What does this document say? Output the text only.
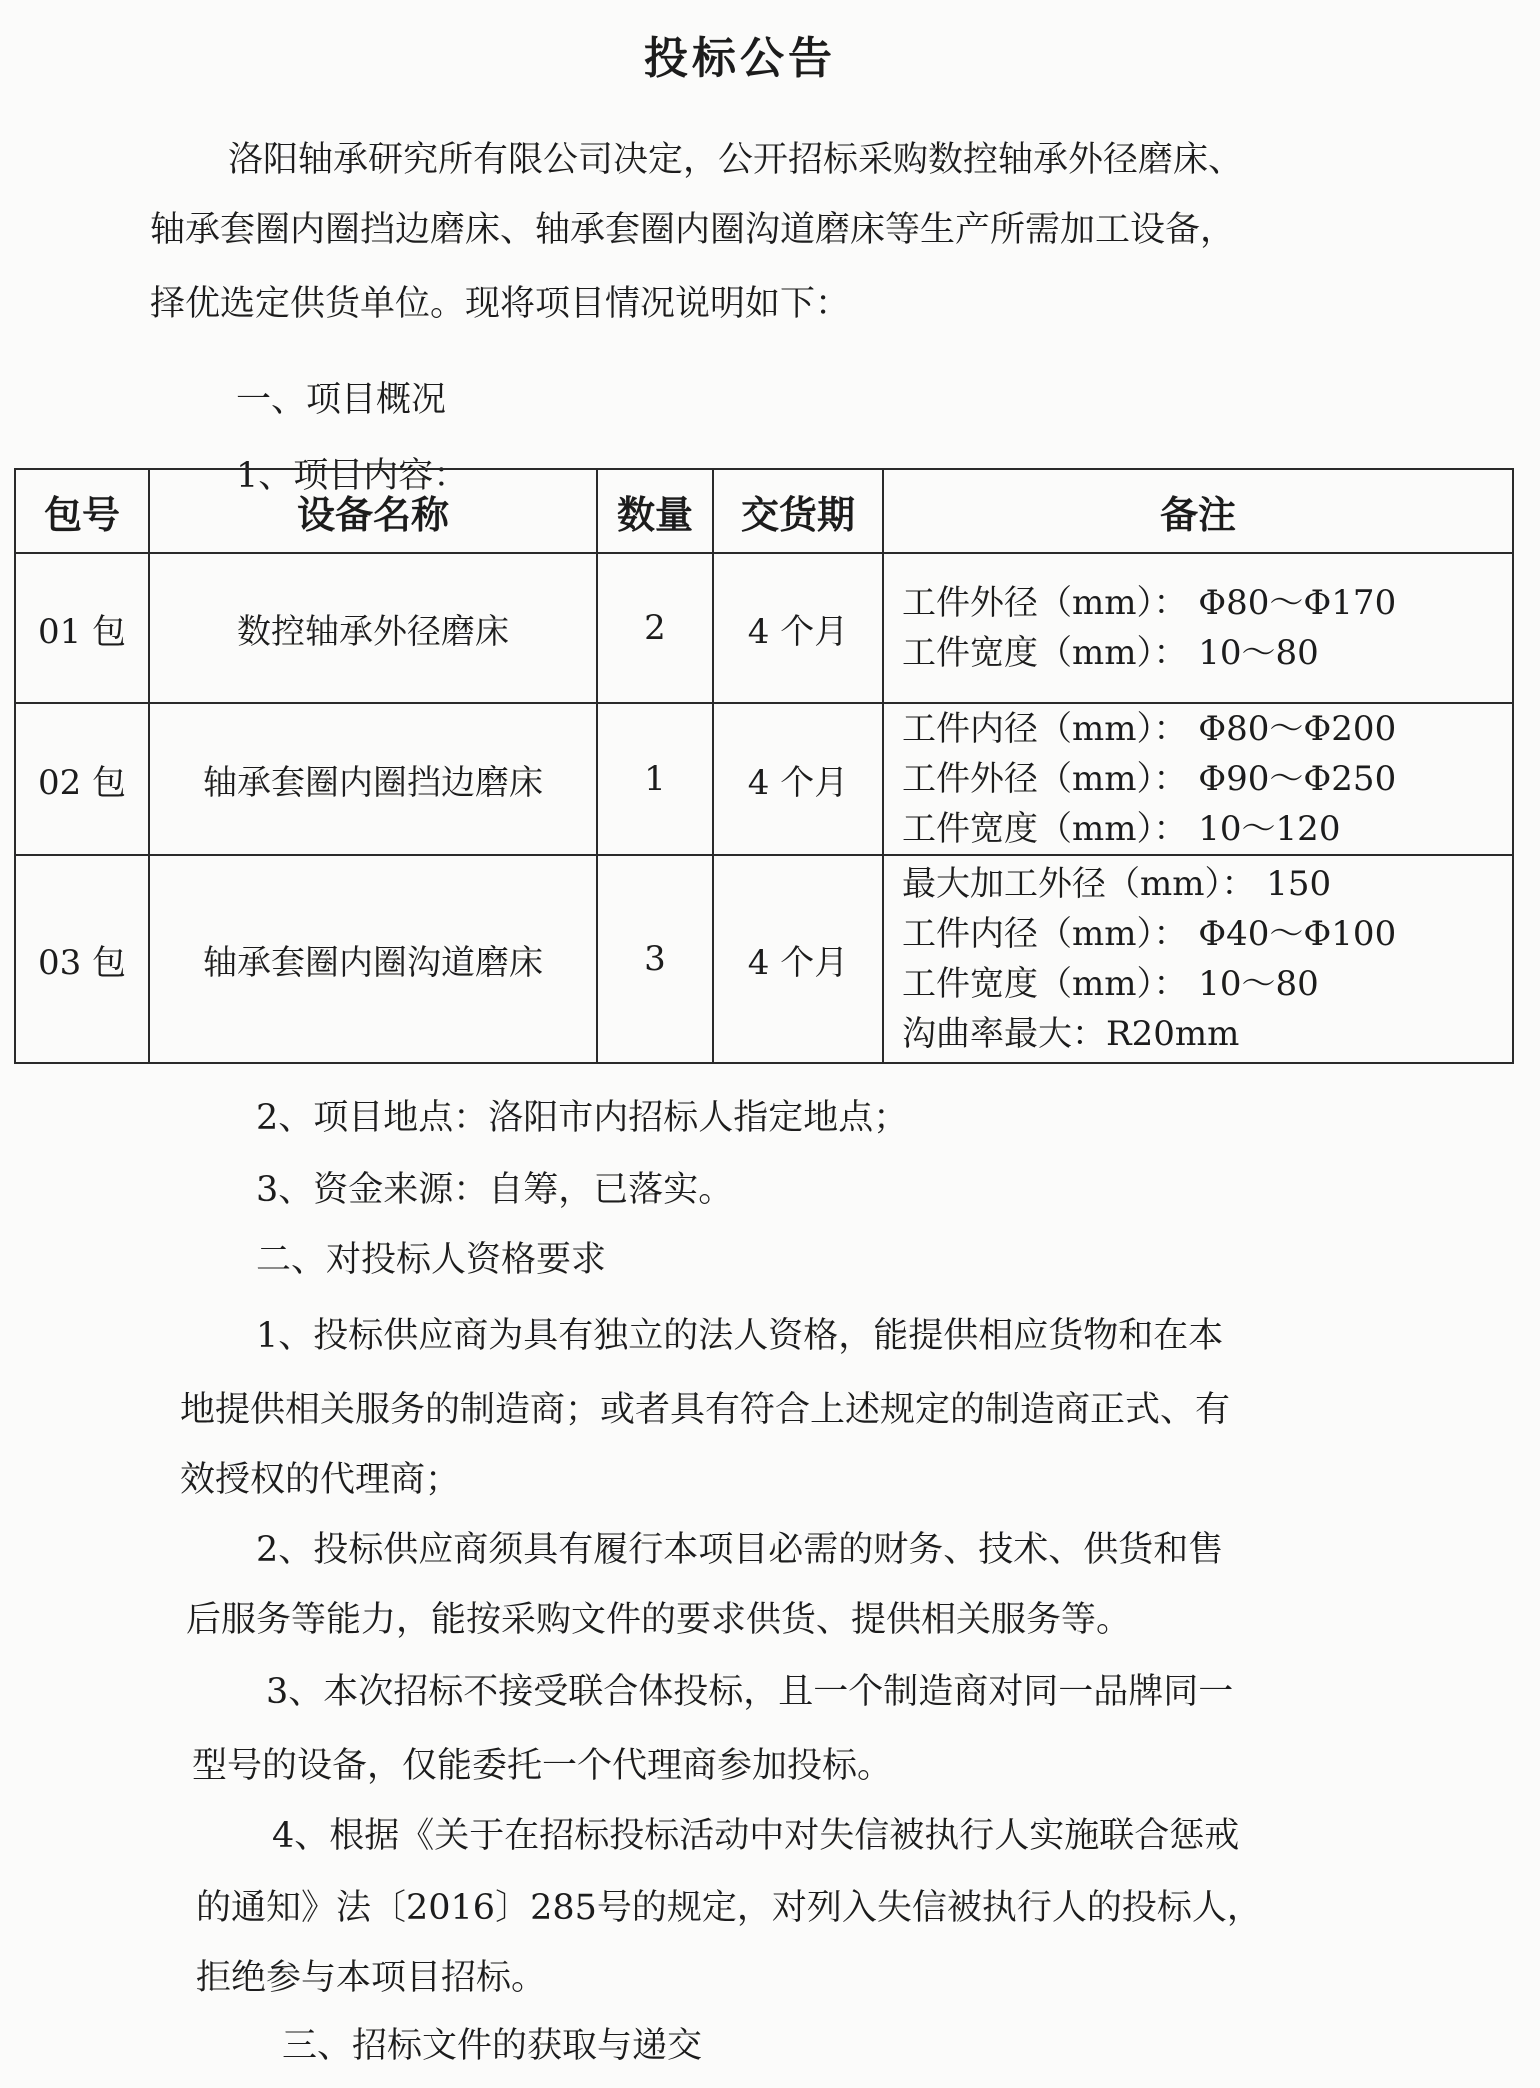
投标公告
洛阳轴承研究所有限公司决定，公开招标采购数控轴承外径磨床、
轴承套圈内圈挡边磨床、轴承套圈内圈沟道磨床等生产所需加工设备，
择优选定供货单位。现将项目情况说明如下：
一、项目概况
1、项目内容：
包号	设备名称	数量	交货期	备注
01 包	数控轴承外径磨床	2	4 个月	工件外径（mm）： Φ80～Φ170
工件宽度（mm）： 10～80

02 包	轴承套圈内圈挡边磨床	1	4 个月	工件内径（mm）： Φ80～Φ200
工件外径（mm）： Φ90～Φ250
工件宽度（mm）： 10～120

03 包	轴承套圈内圈沟道磨床	3	4 个月	最大加工外径（mm）： 150
工件内径（mm）： Φ40～Φ100
工件宽度（mm）： 10～80
沟曲率最大：R20mm
2、项目地点：洛阳市内招标人指定地点；
3、资金来源：自筹，已落实。
二、对投标人资格要求
1、投标供应商为具有独立的法人资格，能提供相应货物和在本
地提供相关服务的制造商；或者具有符合上述规定的制造商正式、有
效授权的代理商；
2、投标供应商须具有履行本项目必需的财务、技术、供货和售
后服务等能力，能按采购文件的要求供货、提供相关服务等。
3、本次招标不接受联合体投标，且一个制造商对同一品牌同一
型号的设备，仅能委托一个代理商参加投标。
4、根据《关于在招标投标活动中对失信被执行人实施联合惩戒
的通知》法〔2016〕285号的规定，对列入失信被执行人的投标人，
拒绝参与本项目招标。
三、招标文件的获取与递交
